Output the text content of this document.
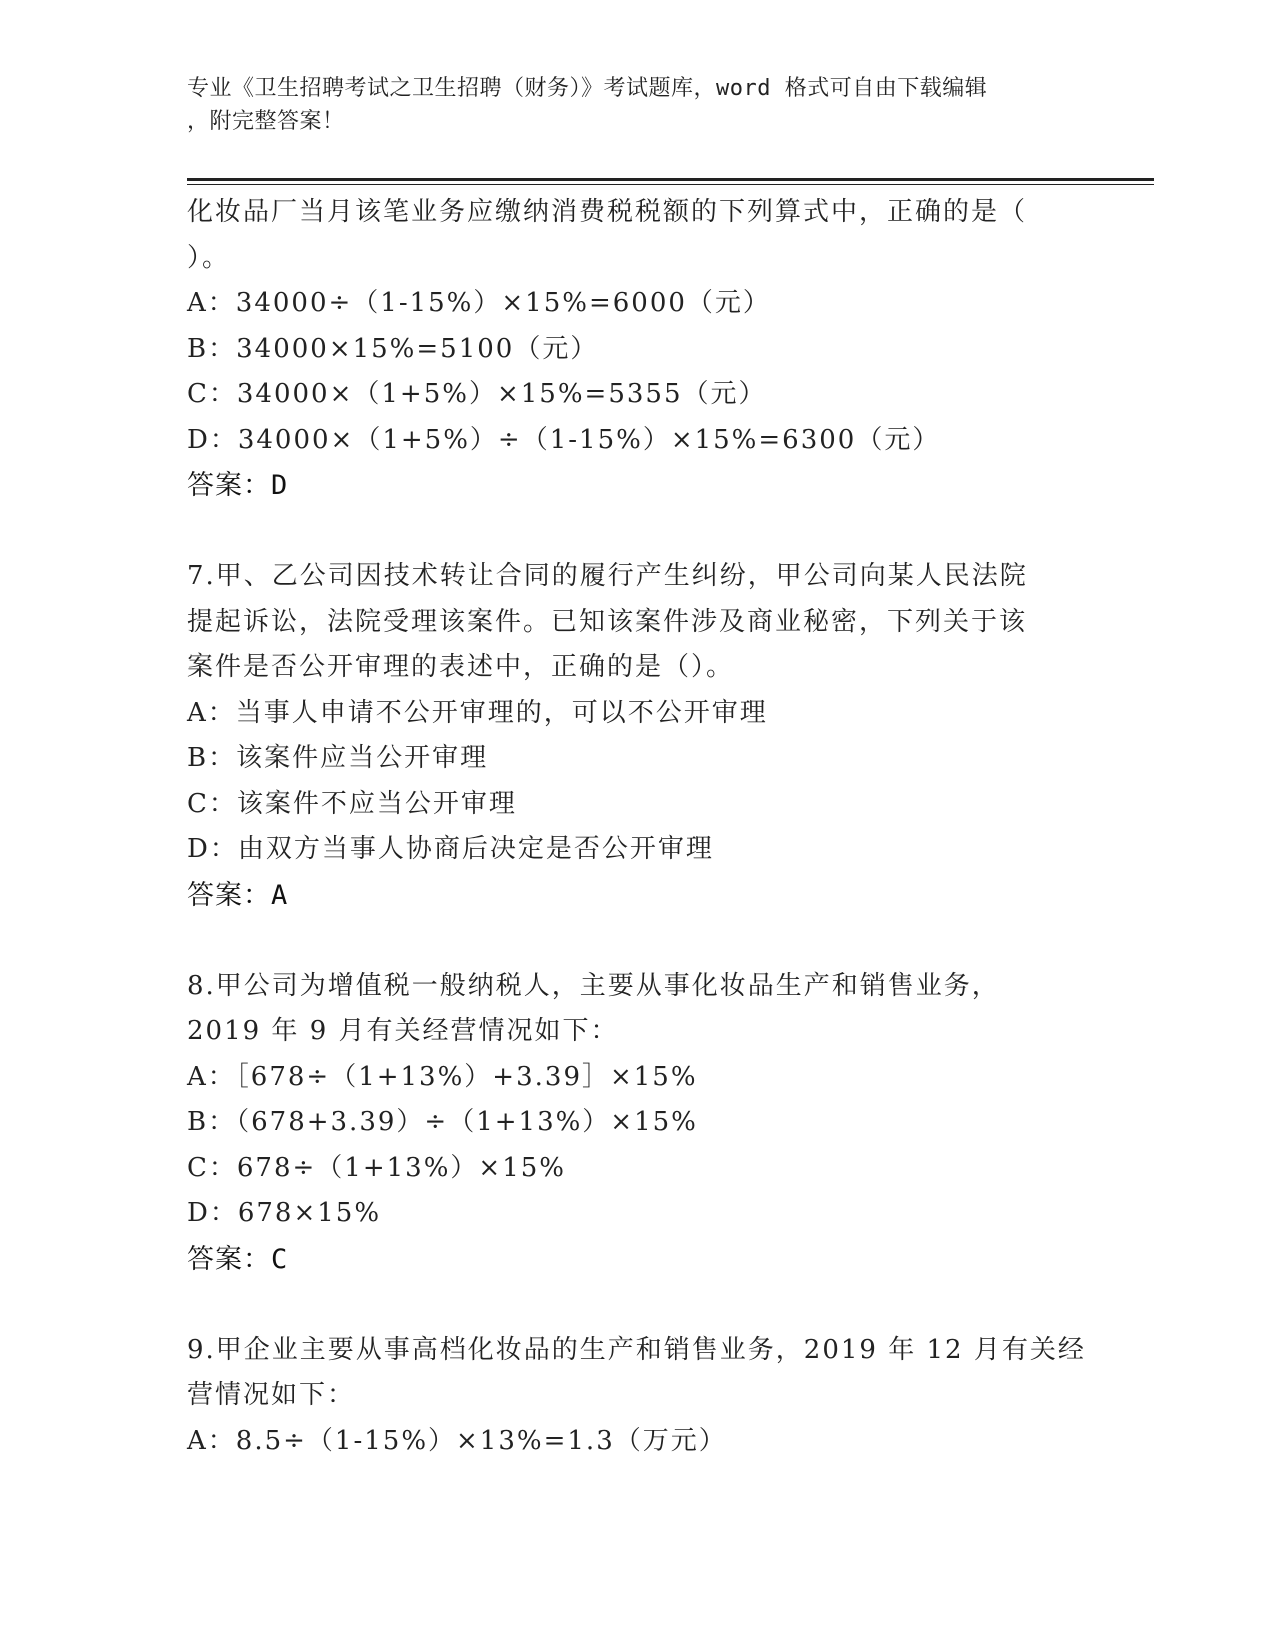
专业《卫生招聘考试之卫生招聘（财务）》考试题库，word 格式可自由下载编辑
，附完整答案！
化妆品厂当月该笔业务应缴纳消费税税额的下列算式中，正确的是（
）。
A：34000÷（1-15%）×15%=6000（元）
B：34000×15%=5100（元）
C：34000×（1+5%）×15%=5355（元）
D：34000×（1+5%）÷（1-15%）×15%=6300（元）
答案：D
7.甲、乙公司因技术转让合同的履行产生纠纷，甲公司向某人民法院
提起诉讼，法院受理该案件。已知该案件涉及商业秘密，下列关于该
案件是否公开审理的表述中，正确的是（）。
A：当事人申请不公开审理的，可以不公开审理
B：该案件应当公开审理
C：该案件不应当公开审理
D：由双方当事人协商后决定是否公开审理
答案：A
8.甲公司为增值税一般纳税人，主要从事化妆品生产和销售业务，
2019 年 9 月有关经营情况如下：
A：［678÷（1+13%）+3.39］×15%
B：（678+3.39）÷（1+13%）×15%
C：678÷（1+13%）×15%
D：678×15%
答案：C
9.甲企业主要从事高档化妆品的生产和销售业务，2019 年 12 月有关经
营情况如下：
A：8.5÷（1-15%）×13%=1.3（万元）
